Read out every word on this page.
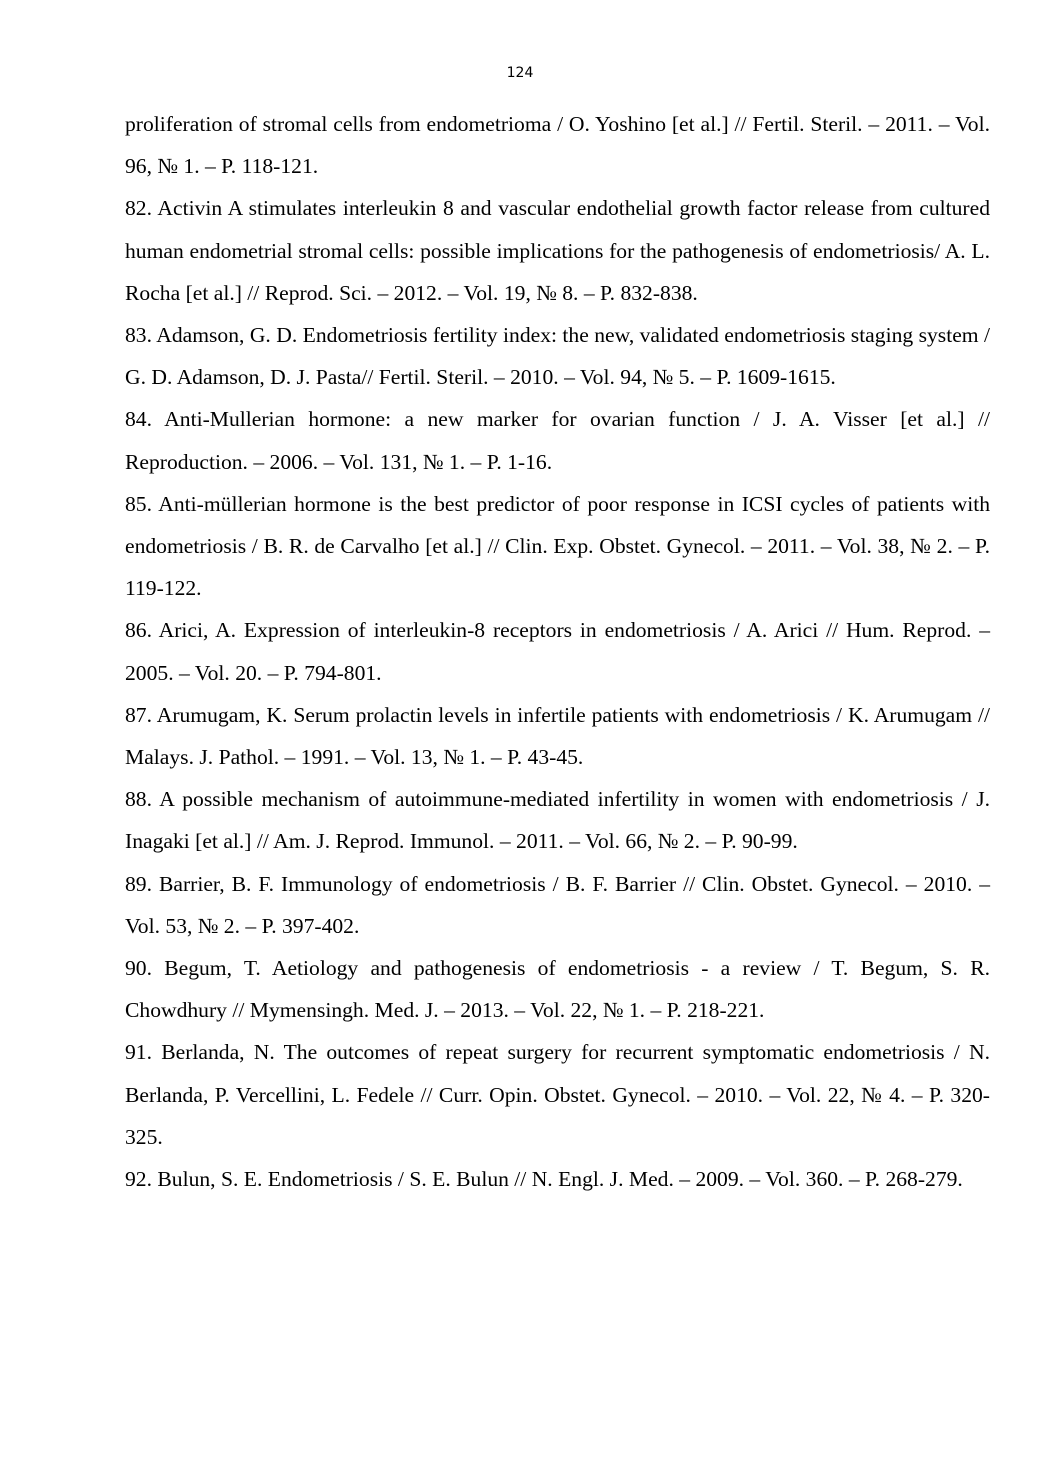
124

proliferation of stromal cells from endometrioma / O. Yoshino [et al.] // Fertil. Steril. – 2011. – Vol. 96, № 1. – P. 118-121.

82. Activin A stimulates interleukin 8 and vascular endothelial growth factor release from cultured human endometrial stromal cells: possible implications for the pathogenesis of endometriosis/ A. L. Rocha [et al.] // Reprod. Sci. – 2012. – Vol. 19, № 8. – P. 832-838.

83. Adamson, G. D. Endometriosis fertility index: the new, validated endometriosis staging system / G. D. Adamson, D. J. Pasta// Fertil. Steril. – 2010. – Vol. 94, № 5. – P. 1609-1615.

84. Anti-Mullerian hormone: a new marker for ovarian function / J. A. Visser [et al.] // Reproduction. – 2006. – Vol. 131, № 1. – P. 1-16.

85. Anti-müllerian hormone is the best predictor of poor response in ICSI cycles of patients with endometriosis / B. R. de Carvalho [et al.] // Clin. Exp. Obstet. Gynecol. – 2011. – Vol. 38, № 2. – P. 119-122.

86. Arici, A. Expression of interleukin-8 receptors in endometriosis / A. Arici // Hum. Reprod. – 2005. – Vol. 20. – P. 794-801.

87. Arumugam, K. Serum prolactin levels in infertile patients with endometriosis / K. Arumugam // Malays. J. Pathol. – 1991. – Vol. 13, № 1. – P. 43-45.

88. A possible mechanism of autoimmune-mediated infertility in women with endometriosis / J. Inagaki [et al.] // Am. J. Reprod. Immunol. – 2011. – Vol. 66, № 2. – P. 90-99.

89. Barrier, B. F. Immunology of endometriosis / B. F. Barrier // Clin. Obstet. Gynecol. – 2010. – Vol. 53, № 2. – P. 397-402.

90. Begum, T. Aetiology and pathogenesis of endometriosis - a review / T. Begum, S. R. Chowdhury // Mymensingh. Med. J. – 2013. – Vol. 22, № 1. – P. 218-221.

91. Berlanda, N. The outcomes of repeat surgery for recurrent symptomatic endometriosis / N. Berlanda, P. Vercellini, L. Fedele // Curr. Opin. Obstet. Gynecol. – 2010. – Vol. 22, № 4. – P. 320-325.

92. Bulun, S. E. Endometriosis / S. E. Bulun // N. Engl. J. Med. – 2009. – Vol. 360. – P. 268-279.
